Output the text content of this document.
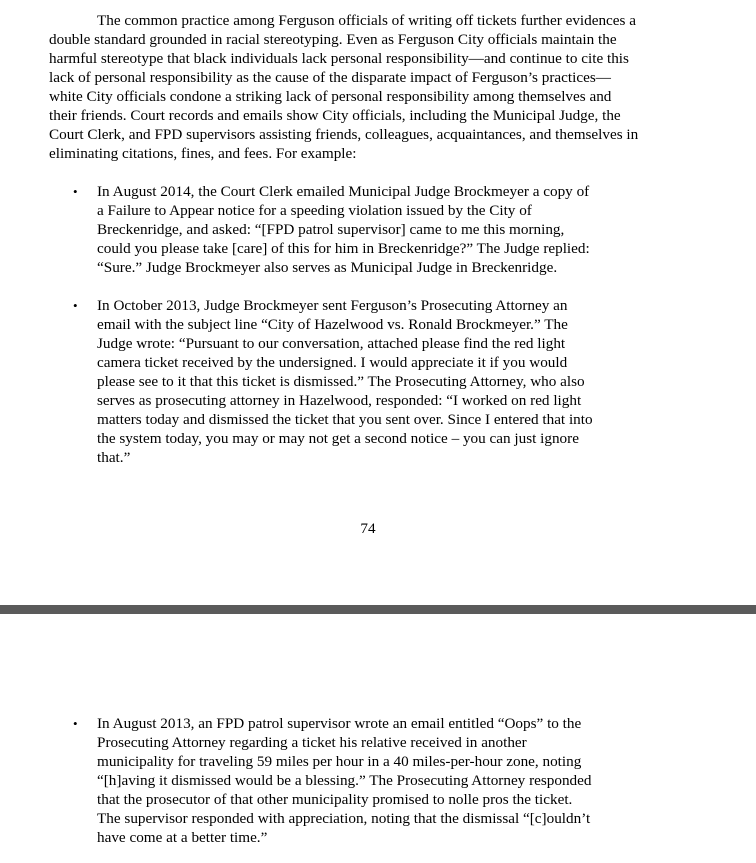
The common practice among Ferguson officials of writing off tickets further evidences a

double standard grounded in racial stereotyping. Even as Ferguson City officials maintain the

harmful stereotype that black individuals lack personal responsibility—and continue to cite this

lack of personal responsibility as the cause of the disparate impact of Ferguson’s practices—

white City officials condone a striking lack of personal responsibility among themselves and

their friends. Court records and emails show City officials, including the Municipal Judge, the

Court Clerk, and FPD supervisors assisting friends, colleagues, acquaintances, and themselves in

eliminating citations, fines, and fees. For example:

• In August 2014, the Court Clerk emailed Municipal Judge Brockmeyer a copy of

a Failure to Appear notice for a speeding violation issued by the City of

Breckenridge, and asked: “[FPD patrol supervisor] came to me this morning,

could you please take [care] of this for him in Breckenridge?” The Judge replied:

“Sure.” Judge Brockmeyer also serves as Municipal Judge in Breckenridge.

• In October 2013, Judge Brockmeyer sent Ferguson’s Prosecuting Attorney an

email with the subject line “City of Hazelwood vs. Ronald Brockmeyer.” The

Judge wrote: “Pursuant to our conversation, attached please find the red light

camera ticket received by the undersigned. I would appreciate it if you would

please see to it that this ticket is dismissed.” The Prosecuting Attorney, who also

serves as prosecuting attorney in Hazelwood, responded: “I worked on red light

matters today and dismissed the ticket that you sent over. Since I entered that into

the system today, you may or may not get a second notice – you can just ignore

that.”

74
• In August 2013, an FPD patrol supervisor wrote an email entitled “Oops” to the

Prosecuting Attorney regarding a ticket his relative received in another

municipality for traveling 59 miles per hour in a 40 miles-per-hour zone, noting

“[h]aving it dismissed would be a blessing.” The Prosecuting Attorney responded

that the prosecutor of that other municipality promised to nolle pros the ticket.

The supervisor responded with appreciation, noting that the dismissal “[c]ouldn’t

have come at a better time.”
